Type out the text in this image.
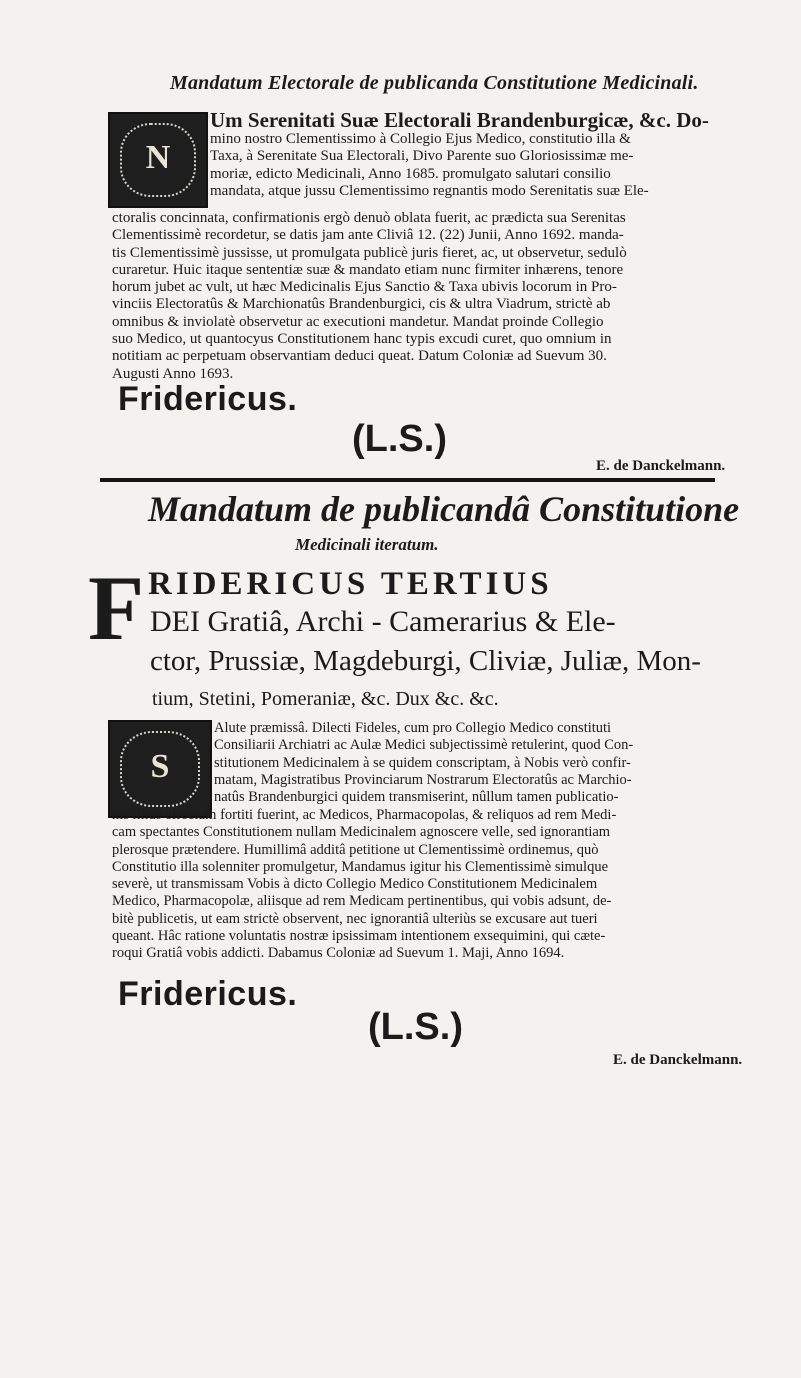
Mandatum Electorale de publicanda Constitutione Medicinali.
N
Um Serenitati Suæ Electorali Brandenburgicæ, &c. Do-
mino nostro Clementissimo à Collegio Ejus Medico, constitutio illa &
Taxa, à Serenitate Sua Electorali, Divo Parente suo Gloriosissimæ me-
moriæ, edicto Medicinali, Anno 1685. promulgato salutari consilio
mandata, atque jussu Clementissimo regnantis modo Serenitatis suæ Ele-
ctoralis concinnata, confirmationis ergò denuò oblata fuerit, ac prædicta sua Serenitas
Clementissimè recordetur, se datis jam ante Cliviâ 12. (22) Junii, Anno 1692. manda-
tis Clementissimè jussisse, ut promulgata publicè juris fieret, ac, ut observetur, sedulò
curaretur. Huic itaque sententiæ suæ & mandato etiam nunc firmiter inhærens, tenore
horum jubet ac vult, ut hæc Medicinalis Ejus Sanctio & Taxa ubivis locorum in Pro-
vinciis Electoratûs & Marchionatûs Brandenburgici, cis & ultra Viadrum, strictè ab
omnibus & inviolatè observetur ac executioni mandetur. Mandat proinde Collegio
suo Medico, ut quantocyus Constitutionem hanc typis excudi curet, quo omnium in
notitiam ac perpetuam observantiam deduci queat. Datum Coloniæ ad Suevum 30.
Augusti Anno 1693.
Fridericus.
(L.S.)
E. de Danckelmann.
Mandatum de publicandâ Constitutione
Medicinali iteratum.
F RIDERICUS TERTIUS
DEI Gratiâ, Archi - Camerarius & Ele-
ctor, Prussiæ, Magdeburgi, Cliviæ, Juliæ, Mon-
tium, Stetini, Pomeraniæ, &c. Dux &c. &c.
S
Alute præmissâ. Dilecti Fideles, cum pro Collegio Medico constituti
Consiliarii Archiatri ac Aulæ Medici subjectissimè retulerint, quod Con-
stitutionem Medicinalem à se quidem conscriptam, à Nobis verò confir-
matam, Magistratibus Provinciarum Nostrarum Electoratûs ac Marchio-
natûs Brandenburgici quidem transmiserint, nûllum tamen publicatio-
nis illius effectum fortiti fuerint, ac Medicos, Pharmacopolas, & reliquos ad rem Medi-
cam spectantes Constitutionem nullam Medicinalem agnoscere velle, sed ignorantiam
plerosque prætendere. Humillimâ additâ petitione ut Clementissimè ordinemus, quò
Constitutio illa solenniter promulgetur, Mandamus igitur his Clementissimè simulque
severè, ut transmissam Vobis à dicto Collegio Medico Constitutionem Medicinalem
Medico, Pharmacopolæ, aliisque ad rem Medicam pertinentibus, qui vobis adsunt, de-
bitè publicetis, ut eam strictè observent, nec ignorantiâ ulteriùs se excusare aut tueri
queant. Hâc ratione voluntatis nostræ ipsissimam intentionem exsequimini, qui cæte-
roqui Gratiâ vobis addicti. Dabamus Coloniæ ad Suevum 1. Maji, Anno 1694.
Fridericus.
(L.S.)
E. de Danckelmann.
